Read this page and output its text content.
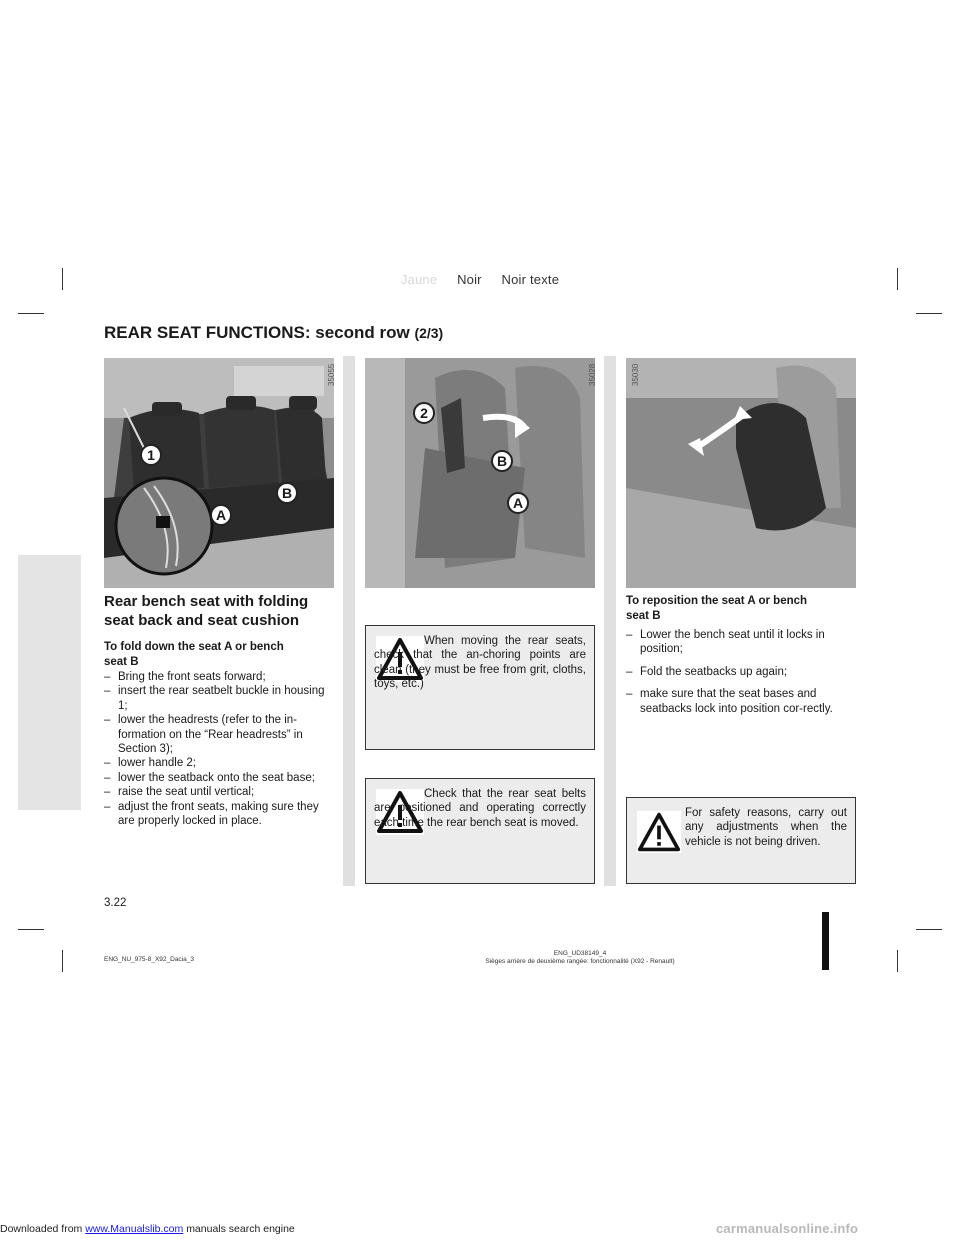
Jaune Noir Noir texte
REAR SEAT FUNCTIONS: second row (2/3)
1
A
B
35055
2
B
A
35028	35030
Rear bench seat with folding
seat back and seat cushion
To fold down the seat A or bench
seat B
– Bring the front seats forward;
– insert the rear seatbelt buckle in housing 1;
– lower the headrests (refer to the in-formation on the “Rear headrests” in Section 3);
– lower handle 2;
– lower the seatback onto the seat base;
– raise the seat until vertical;
– adjust the front seats, making sure they are properly locked in place.
When moving the rear seats, check that the an-choring points are clean (they must be free from grit, cloths, toys, etc.)
Check that the rear seat belts are positioned and operating correctly each time the rear bench seat is moved.
To reposition the seat A or bench
seat B
– Lower the bench seat until it locks in position;
– Fold the seatbacks up again;
– make sure that the seat bases and seatbacks lock into position cor-rectly.
For safety reasons, carry out any adjustments when the vehicle is not being driven.
3.22
ENG_NU_975-8_X92_Dacia_3
ENG_UD38149_4
Sièges arrière de deuxième rangée: fonctionnalité (X92 - Renault)
Downloaded from www.Manualslib.com manuals search engine	carmanualsonline.info
